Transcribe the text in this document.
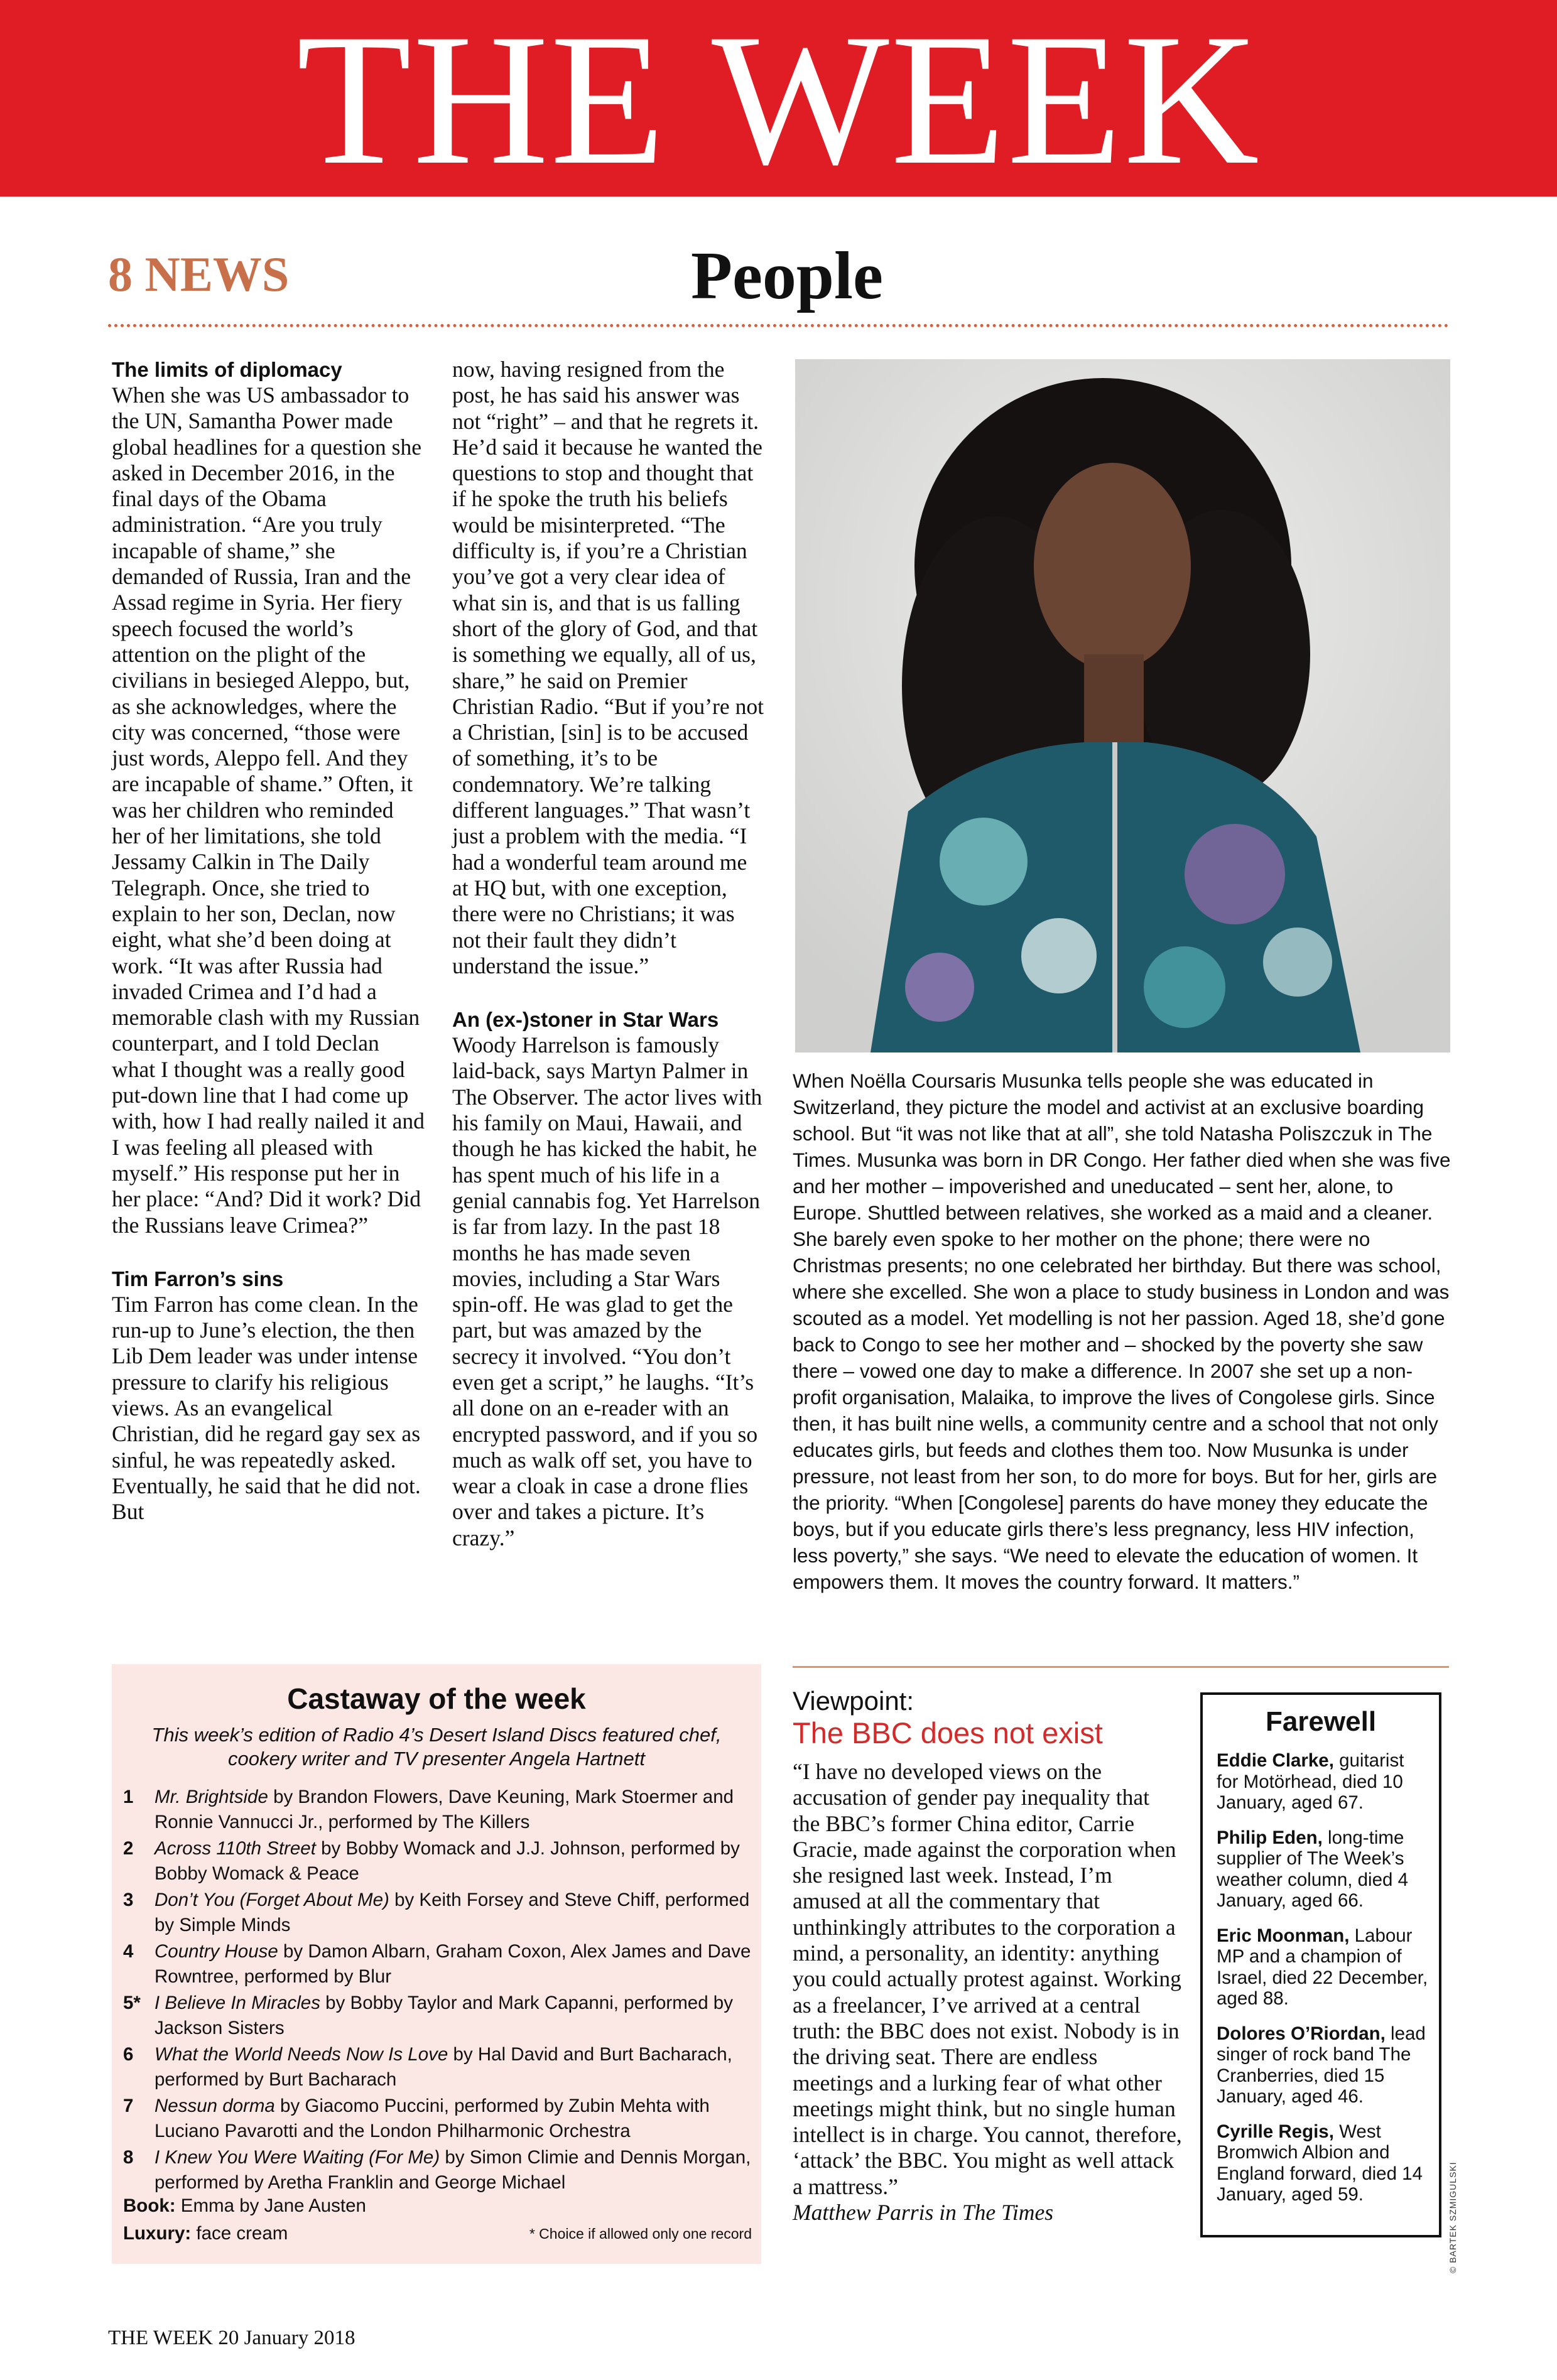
THE WEEK
8 NEWS	People
The limits of diplomacy

When she was US ambassador to the UN, Samantha Power made global headlines for a question she asked in December 2016, in the final days of the Obama administration. “Are you truly incapable of shame,” she demanded of Russia, Iran and the Assad regime in Syria. Her fiery speech focused the world’s attention on the plight of the civilians in besieged Aleppo, but, as she acknowledges, where the city was concerned, “those were just words, Aleppo fell. And they are incapable of shame.” Often, it was her children who reminded her of her limitations, she told Jessamy Calkin in The Daily Telegraph. Once, she tried to explain to her son, Declan, now eight, what she’d been doing at work. “It was after Russia had invaded Crimea and I’d had a memorable clash with my Russian counterpart, and I told Declan what I thought was a really good put-down line that I had come up with, how I had really nailed it and I was feeling all pleased with myself.” His response put her in her place: “And? Did it work? Did the Russians leave Crimea?”

Tim Farron’s sins

Tim Farron has come clean. In the run-up to June’s election, the then Lib Dem leader was under intense pressure to clarify his religious views. As an evangelical Christian, did he regard gay sex as sinful, he was repeatedly asked. Eventually, he said that he did not. But

now, having resigned from the post, he has said his answer was not “right” – and that he regrets it. He’d said it because he wanted the questions to stop and thought that if he spoke the truth his beliefs would be misinterpreted. “The difficulty is, if you’re a Christian you’ve got a very clear idea of what sin is, and that is us falling short of the glory of God, and that is something we equally, all of us, share,” he said on Premier Christian Radio. “But if you’re not a Christian, [sin] is to be accused of something, it’s to be condemnatory. We’re talking different languages.” That wasn’t just a problem with the media. “I had a wonderful team around me at HQ but, with one exception, there were no Christians; it was not their fault they didn’t understand the issue.”

An (ex-)stoner in Star Wars

Woody Harrelson is famously laid-back, says Martyn Palmer in The Observer. The actor lives with his family on Maui, Hawaii, and though he has kicked the habit, he has spent much of his life in a genial cannabis fog. Yet Harrelson is far from lazy. In the past 18 months he has made seven movies, including a Star Wars spin-off. He was glad to get the part, but was amazed by the secrecy it involved. “You don’t even get a script,” he laughs. “It’s all done on an e-reader with an encrypted password, and if you so much as walk off set, you have to wear a cloak in case a drone flies over and takes a picture. It’s crazy.”

When Noëlla Coursaris Musunka tells people she was educated in Switzerland, they picture the model and activist at an exclusive boarding school. But “it was not like that at all”, she told Natasha Poliszczuk in The Times. Musunka was born in DR Congo. Her father died when she was five and her mother – impoverished and uneducated – sent her, alone, to Europe. Shuttled between relatives, she worked as a maid and a cleaner. She barely even spoke to her mother on the phone; there were no Christmas presents; no one celebrated her birthday. But there was school, where she excelled. She won a place to study business in London and was scouted as a model. Yet modelling is not her passion. Aged 18, she’d gone back to Congo to see her mother and – shocked by the poverty she saw there – vowed one day to make a difference. In 2007 she set up a non-profit organisation, Malaika, to improve the lives of Congolese girls. Since then, it has built nine wells, a community centre and a school that not only educates girls, but feeds and clothes them too. Now Musunka is under pressure, not least from her son, to do more for boys. But for her, girls are the priority. “When [Congolese] parents do have money they educate the boys, but if you educate girls there’s less pregnancy, less HIV infection, less poverty,” she says. “We need to elevate the education of women. It empowers them. It moves the country forward. It matters.”

Castaway of the week
This week’s edition of Radio 4’s Desert Island Discs featured chef, cookery writer and TV presenter Angela Hartnett
1	Mr. Brightside by Brandon Flowers, Dave Keuning, Mark Stoermer and Ronnie Vannucci Jr., performed by The Killers
2	Across 110th Street by Bobby Womack and J.J. Johnson, performed by Bobby Womack & Peace
3	Don’t You (Forget About Me) by Keith Forsey and Steve Chiff, performed by Simple Minds
4	Country House by Damon Albarn, Graham Coxon, Alex James and Dave Rowntree, performed by Blur
5* I Believe In Miracles by Bobby Taylor and Mark Capanni, performed by Jackson Sisters
6	What the World Needs Now Is Love by Hal David and Burt Bacharach, performed by Burt Bacharach
7	Nessun dorma by Giacomo Puccini, performed by Zubin Mehta with Luciano Pavarotti and the London Philharmonic Orchestra
8	I Knew You Were Waiting (For Me) by Simon Climie and Dennis Morgan, performed by Aretha Franklin and George Michael
Book: Emma by Jane Austen
Luxury: face cream	* Choice if allowed only one record
Viewpoint:
The BBC does not exist

“I have no developed views on the accusation of gender pay inequality that the BBC’s former China editor, Carrie Gracie, made against the corporation when she resigned last week. Instead, I’m amused at all the commentary that unthinkingly attributes to the corporation a mind, a personality, an identity: anything you could actually protest against. Working as a freelancer, I’ve arrived at a central truth: the BBC does not exist. Nobody is in the driving seat. There are endless meetings and a lurking fear of what other meetings might think, but no single human intellect is in charge. You cannot, therefore, ‘attack’ the BBC. You might as well attack a mattress.”

Matthew Parris in The Times

Farewell
Eddie Clarke, guitarist for Motörhead, died 10 January, aged 67.
Philip Eden, long-time supplier of The Week’s weather column, died 4 January, aged 66.
Eric Moonman, Labour MP and a champion of Israel, died 22 December, aged 88.
Dolores O’Riordan, lead singer of rock band The Cranberries, died 15 January, aged 46.
Cyrille Regis, West Bromwich Albion and England forward, died 14 January, aged 59.	© BARTEK SZMIGULSKI
THE WEEK 20 January 2018
